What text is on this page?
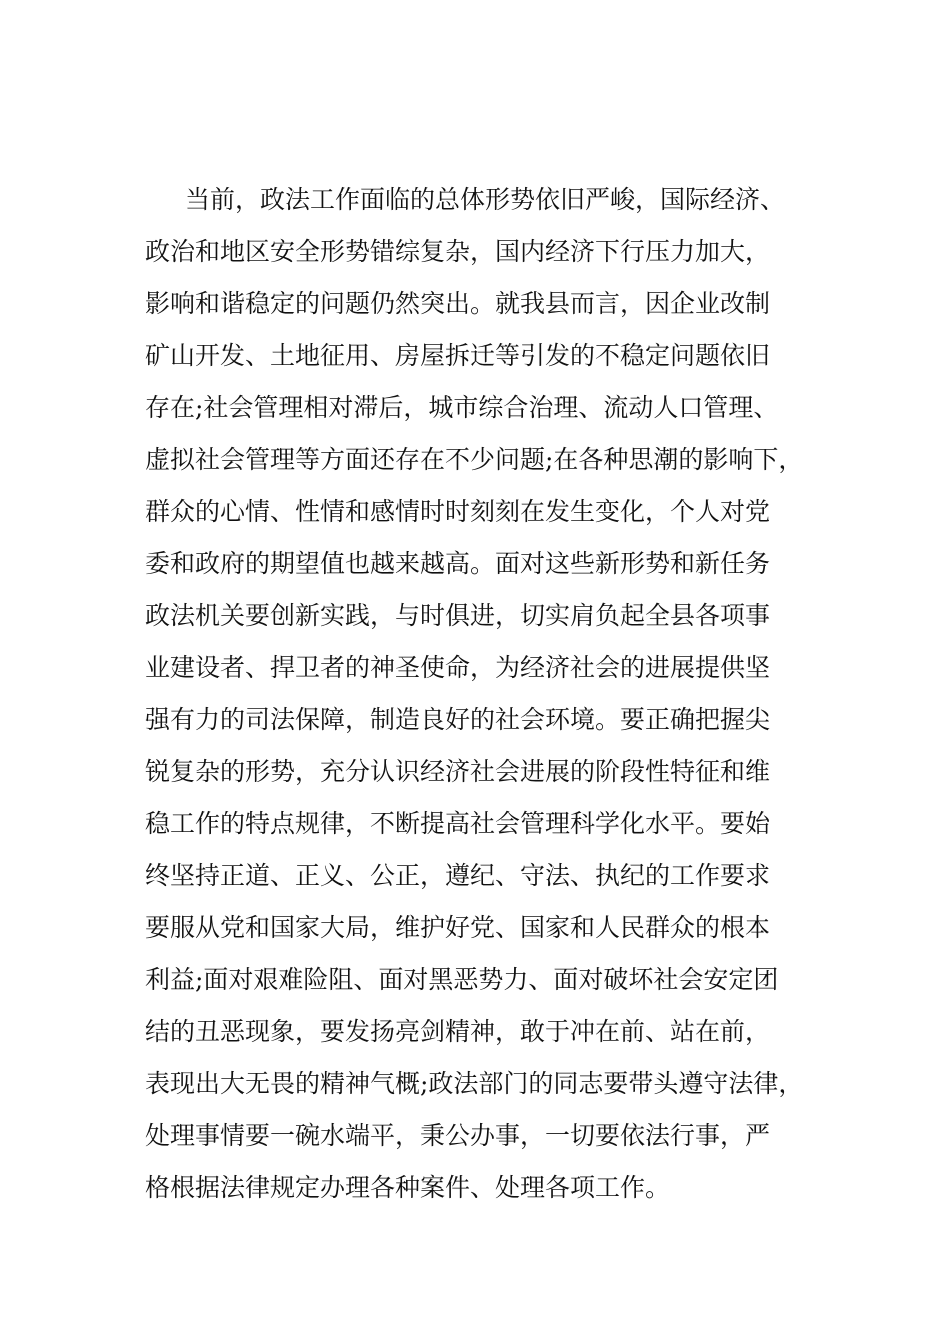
当前，政法工作面临的总体形势依旧严峻，国际经济、
政治和地区安全形势错综复杂，国内经济下行压力加大，
影响和谐稳定的问题仍然突出。就我县而言，因企业改制
矿山开发、土地征用、房屋拆迁等引发的不稳定问题依旧
存在;社会管理相对滞后，城市综合治理、流动人口管理、
虚拟社会管理等方面还存在不少问题;在各种思潮的影响下，
群众的心情、性情和感情时时刻刻在发生变化，个人对党
委和政府的期望值也越来越高。面对这些新形势和新任务
政法机关要创新实践，与时俱进，切实肩负起全县各项事
业建设者、捍卫者的神圣使命，为经济社会的进展提供坚
强有力的司法保障，制造良好的社会环境。要正确把握尖
锐复杂的形势，充分认识经济社会进展的阶段性特征和维
稳工作的特点规律，不断提高社会管理科学化水平。要始
终坚持正道、正义、公正，遵纪、守法、执纪的工作要求
要服从党和国家大局，维护好党、国家和人民群众的根本
利益;面对艰难险阻、面对黑恶势力、面对破坏社会安定团
结的丑恶现象，要发扬亮剑精神，敢于冲在前、站在前，
表现出大无畏的精神气概;政法部门的同志要带头遵守法律，
处理事情要一碗水端平，秉公办事，一切要依法行事，严
格根据法律规定办理各种案件、处理各项工作。
